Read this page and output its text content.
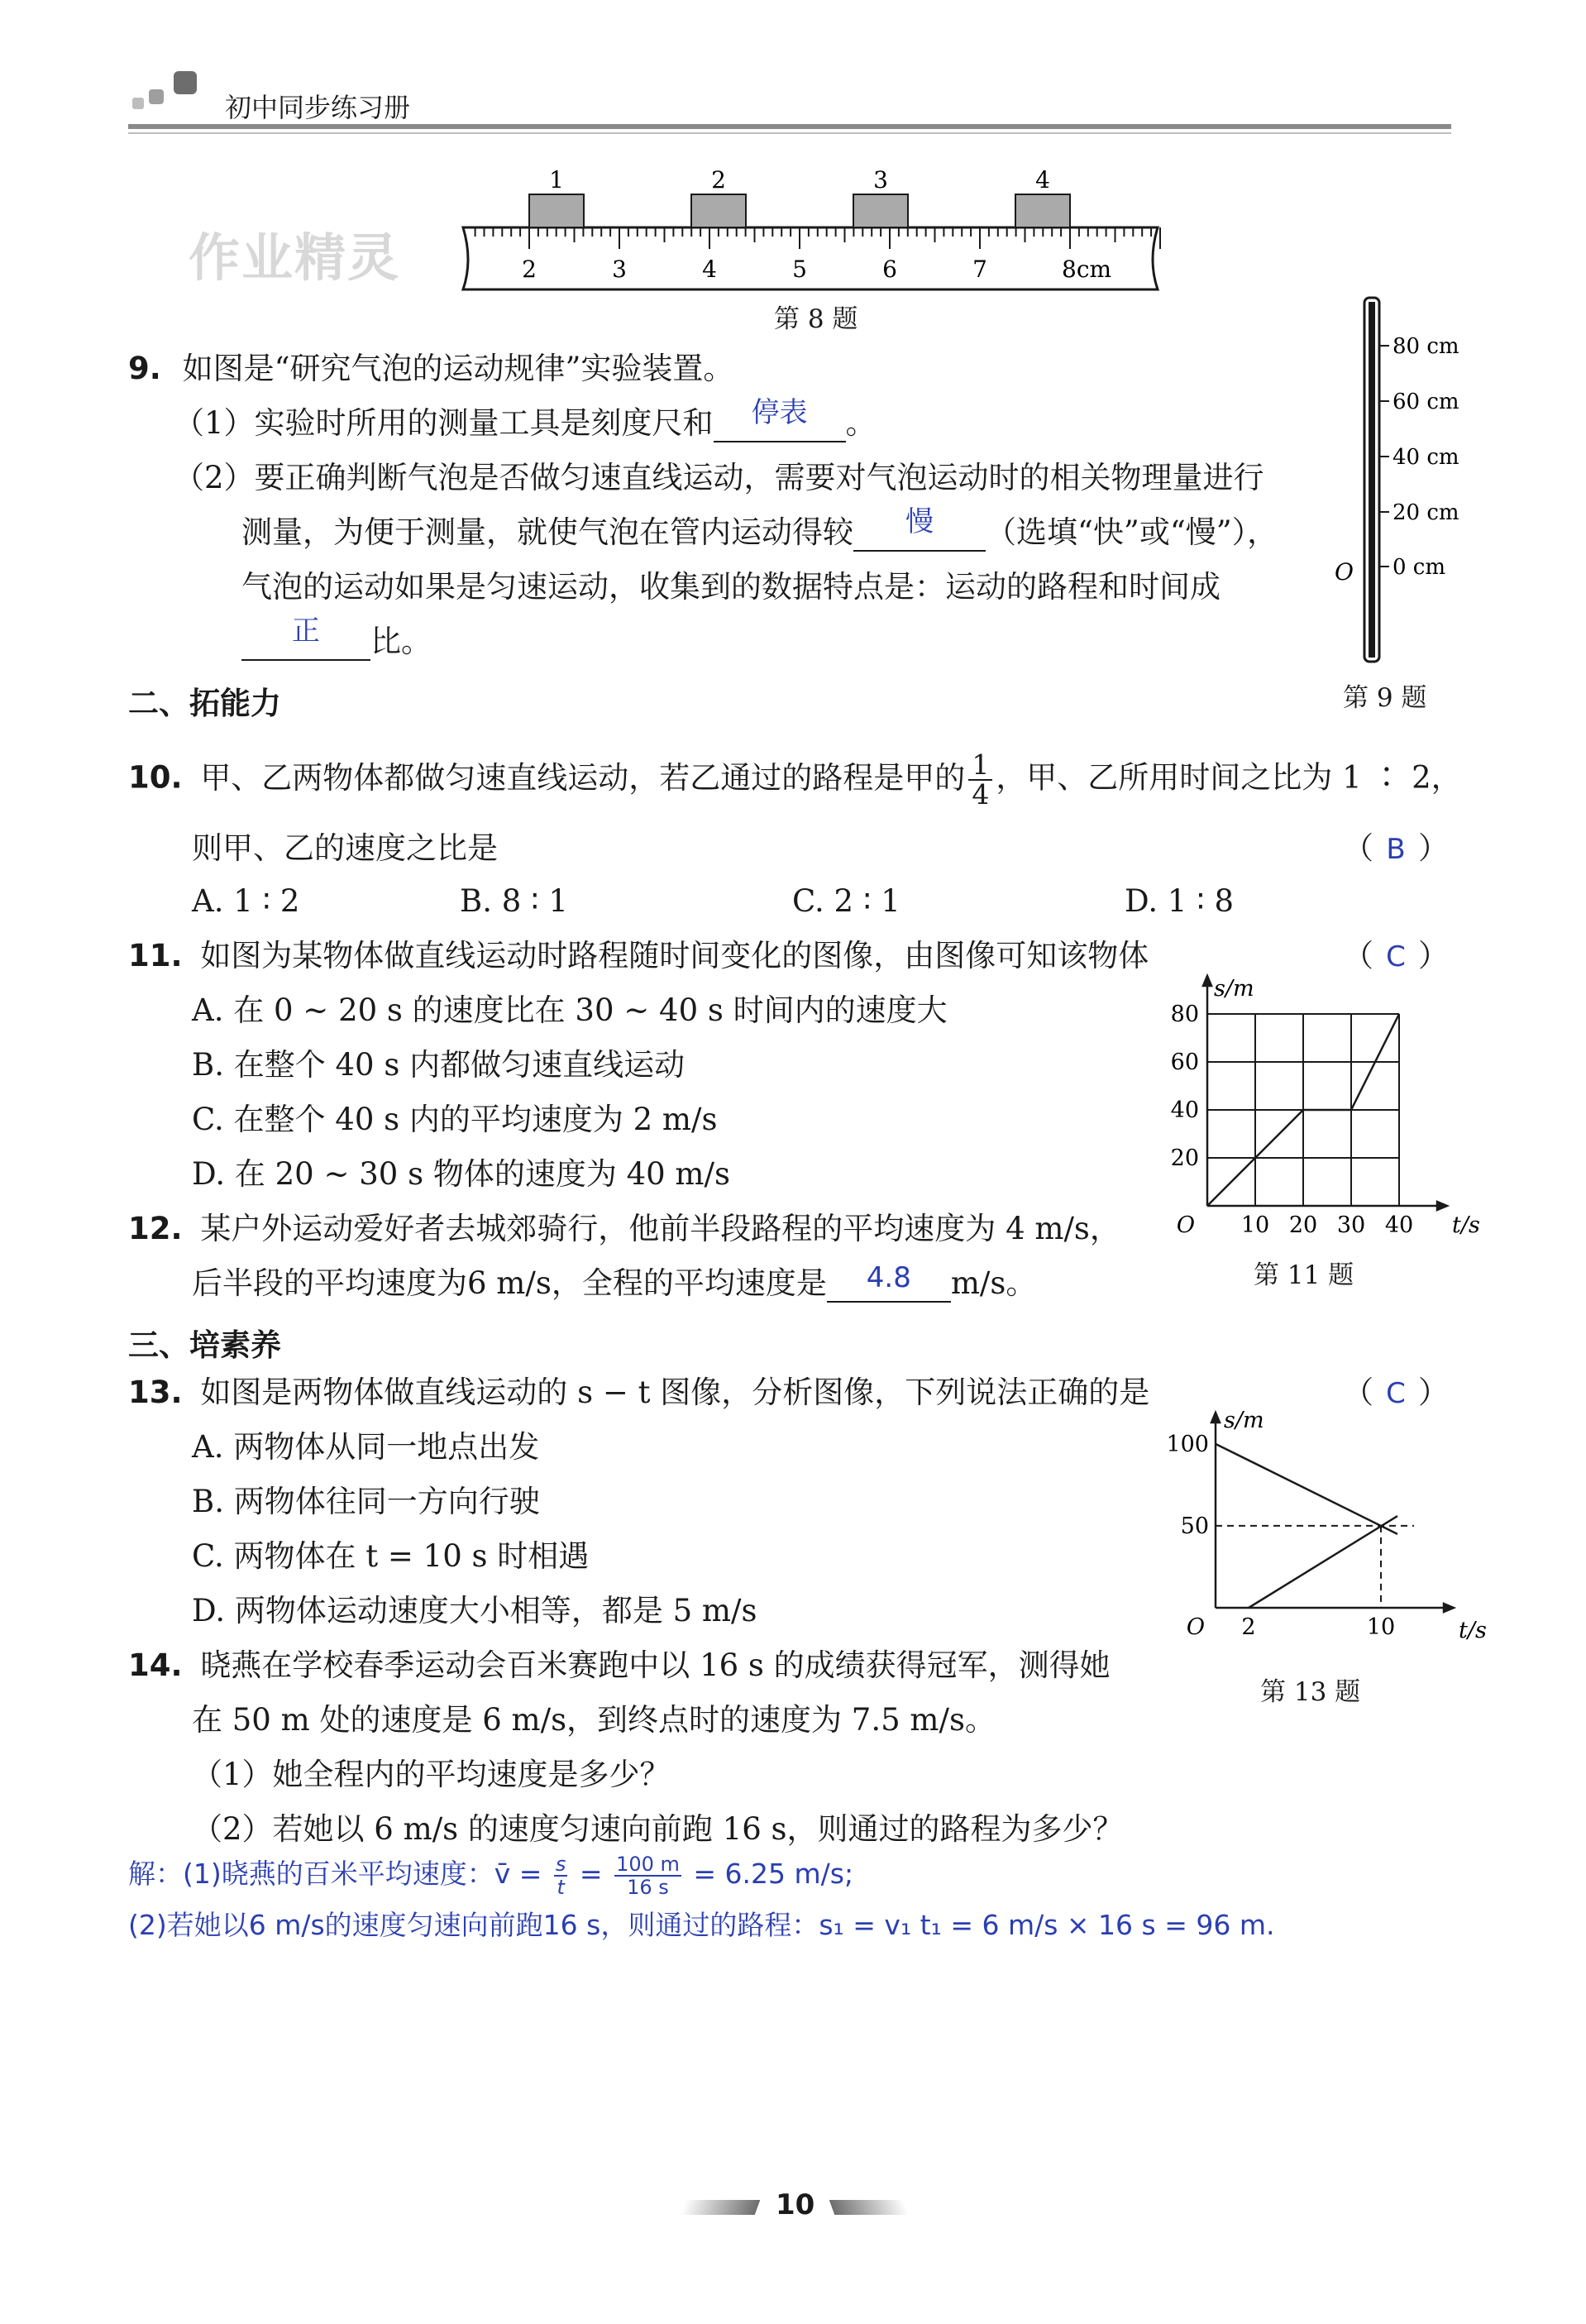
初中同步练习册
作业精灵
1	2	3	4
2	3	4	5	6	7	8cm
第 8 题
9. 如图是“研究气泡的运动规律”实验装置。
（1）实验时所用的测量工具是刻度尺和 停表 。
（2）要正确判断气泡是否做匀速直线运动，需要对气泡运动时的相关物理量进行
测量，为便于测量，就使气泡在管内运动得较 慢 （选填“快”或“慢”），
气泡的运动如果是匀速运动，收集到的数据特点是：运动的路程和时间成
正 比。
80 cm
60 cm
40 cm
20 cm
0 cm
O
第 9 题
二、拓能力
10. 甲、乙两物体都做匀速直线运动，若乙通过的路程是甲的 $\frac{1}{4}$ ，甲、乙所用时间之比为 1 ∶ 2，
则甲、乙的速度之比是	（ B ）
A. 1 ∶ 2	B. 8 ∶ 1	C. 2 ∶ 1	D. 1 ∶ 8
11. 如图为某物体做直线运动时路程随时间变化的图像，由图像可知该物体	（ C ）
A. 在 0 ~ 20 s 的速度比在 30 ~ 40 s 时间内的速度大
B. 在整个 40 s 内都做匀速直线运动
C. 在整个 40 s 内的平均速度为 2 m/s
D. 在 20 ~ 30 s 物体的速度为 40 m/s
10 20 30 40
20
40
60
80
O	t/s
s/m
第 11 题
12. 某户外运动爱好者去城郊骑行，他前半段路程的平均速度为 4 m/s，
后半段的平均速度为6 m/s，全程的平均速度是 4.8 m/s。
三、培素养
13. 如图是两物体做直线运动的 s − t 图像，分析图像，下列说法正确的是	（ C ）
A. 两物体从同一地点出发
B. 两物体往同一方向行驶
C. 两物体在 t = 10 s 时相遇
D. 两物体运动速度大小相等，都是 5 m/s	2	10
50
100
O	t/s
s/m
第 13 题
14. 晓燕在学校春季运动会百米赛跑中以 16 s 的成绩获得冠军，测得她
在 50 m 处的速度是 6 m/s，到终点时的速度为 7.5 m/s。
（1）她全程内的平均速度是多少？
（2）若她以 6 m/s 的速度匀速向前跑 16 s，则通过的路程为多少？
解：(1)晓燕的百米平均速度：v̄ = $\frac{s}{t} = \frac{100 m}{16 s} = 6.25$ m/s;
(2)若她以6 m/s的速度匀速向前跑16 s，则通过的路程：s₁ = v₁ t₁ = 6 m/s × 16 s = 96 m.
10
